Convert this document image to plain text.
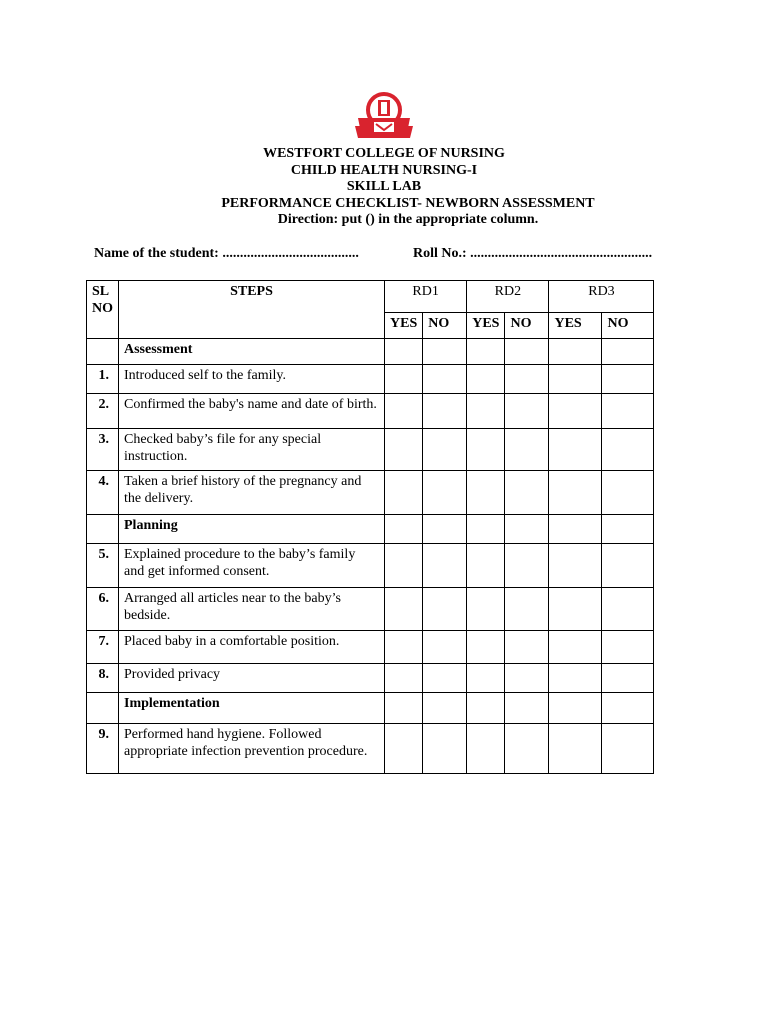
WESTFORT COLLEGE OF NURSING
CHILD HEALTH NURSING-I
SKILL LAB
PERFORMANCE CHECKLIST- NEWBORN ASSESSMENT
Direction: put () in the appropriate column.
Name of the student: .......................................	Roll No.: ....................................................
SL NO	STEPS	RD1		RD2		RD3	
		YES	NO	YES	NO	YES	NO
	Assessment						
1.	Introduced self to the family.						
2.	Confirmed the baby's name and date of birth.						
3.	Checked baby’s file for any special instruction.						
4.	Taken a brief history of the pregnancy and the delivery.						
	Planning						
5.	Explained procedure to the baby’s family and get informed consent.						
6.	Arranged all articles near to the baby’s bedside.						
7.	Placed baby in a comfortable position.						
8.	Provided privacy						
	Implementation						
9.	Performed hand hygiene. Followed appropriate infection prevention procedure.						
